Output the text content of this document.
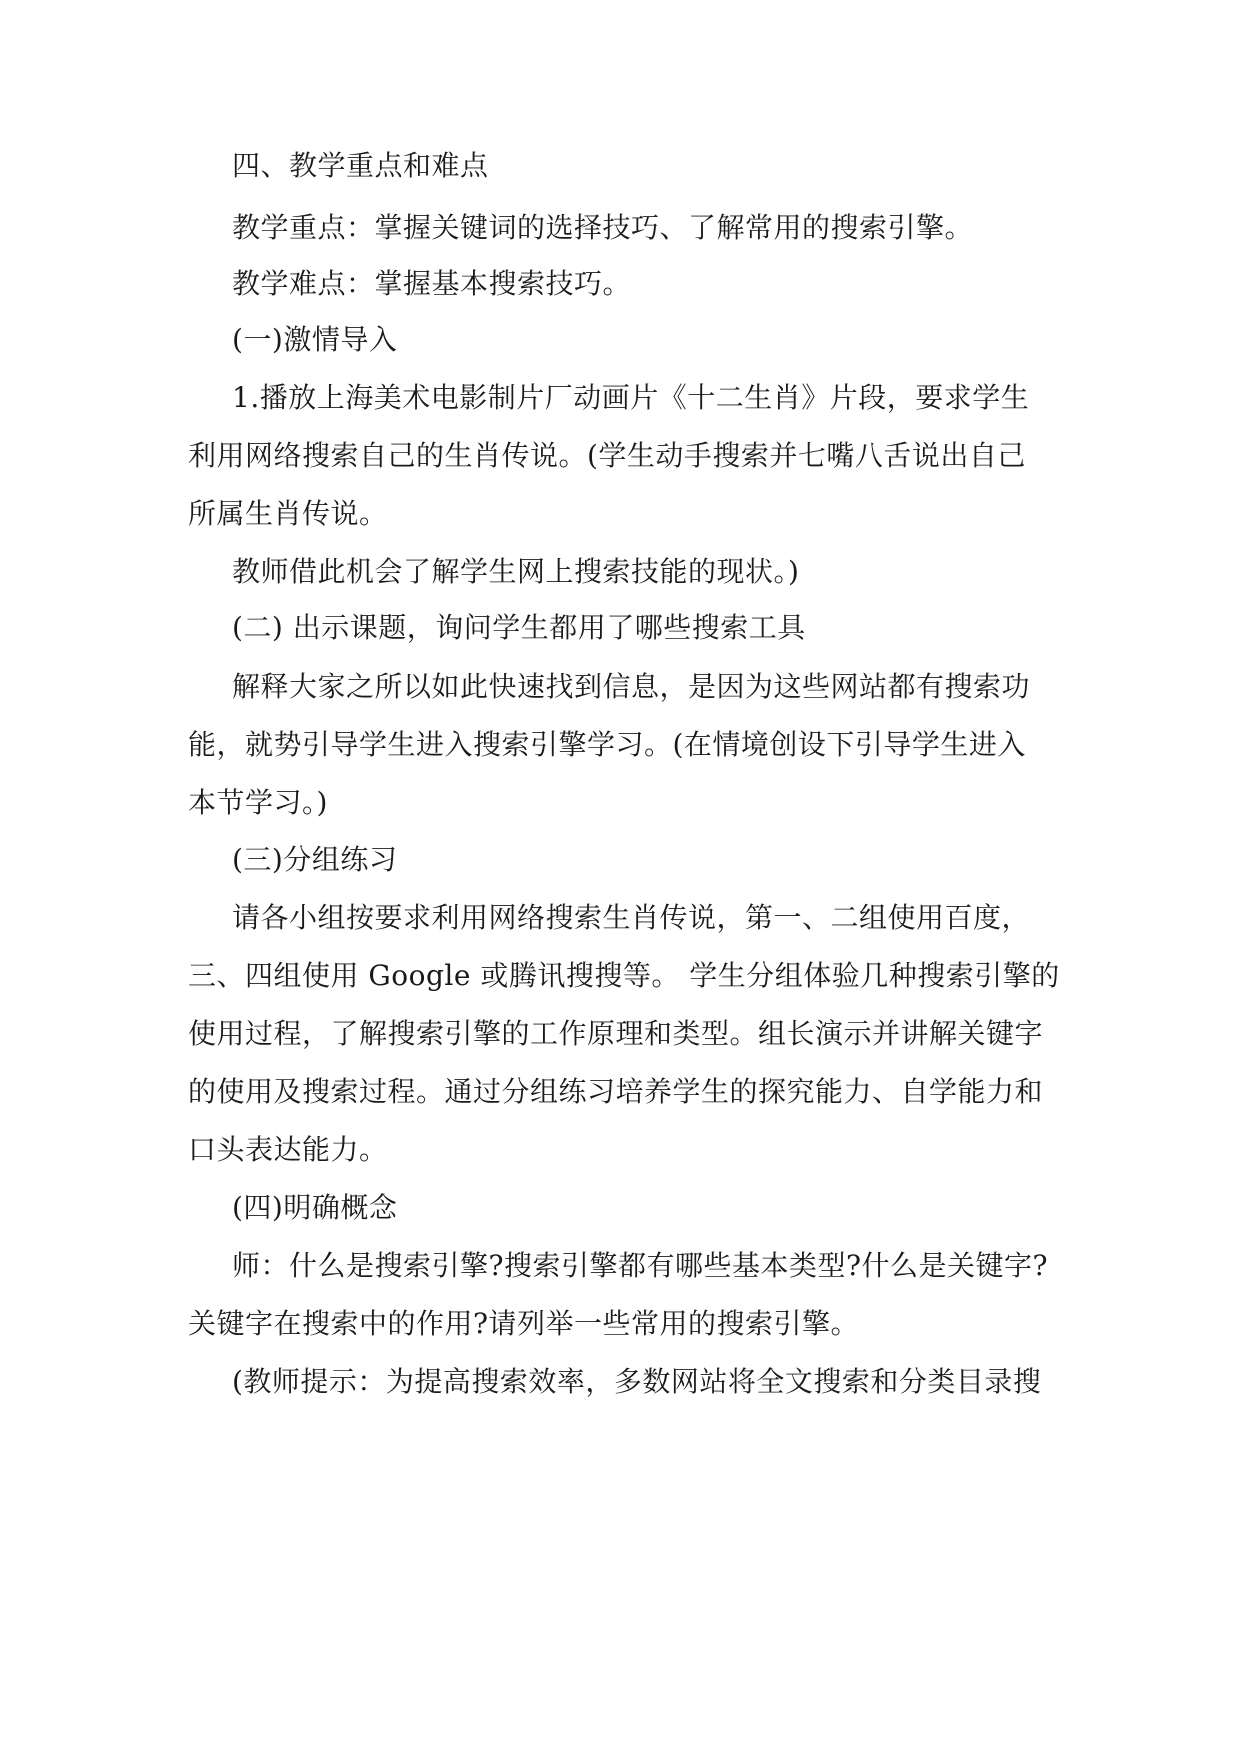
四、教学重点和难点

教学重点：掌握关键词的选择技巧、了解常用的搜索引擎。

教学难点：掌握基本搜索技巧。

(一)激情导入

1.播放上海美术电影制片厂动画片《十二生肖》片段，要求学生

利用网络搜索自己的生肖传说。(学生动手搜索并七嘴八舌说出自己

所属生肖传说。

教师借此机会了解学生网上搜索技能的现状。)

(二) 出示课题，询问学生都用了哪些搜索工具

解释大家之所以如此快速找到信息，是因为这些网站都有搜索功

能，就势引导学生进入搜索引擎学习。(在情境创设下引导学生进入

本节学习。)

(三)分组练习

请各小组按要求利用网络搜索生肖传说，第一、二组使用百度，

三、四组使用 Google 或腾讯搜搜等。 学生分组体验几种搜索引擎的

使用过程，了解搜索引擎的工作原理和类型。组长演示并讲解关键字

的使用及搜索过程。通过分组练习培养学生的探究能力、自学能力和

口头表达能力。

(四)明确概念

师：什么是搜索引擎?搜索引擎都有哪些基本类型?什么是关键字?

关键字在搜索中的作用?请列举一些常用的搜索引擎。

(教师提示：为提高搜索效率，多数网站将全文搜索和分类目录搜
